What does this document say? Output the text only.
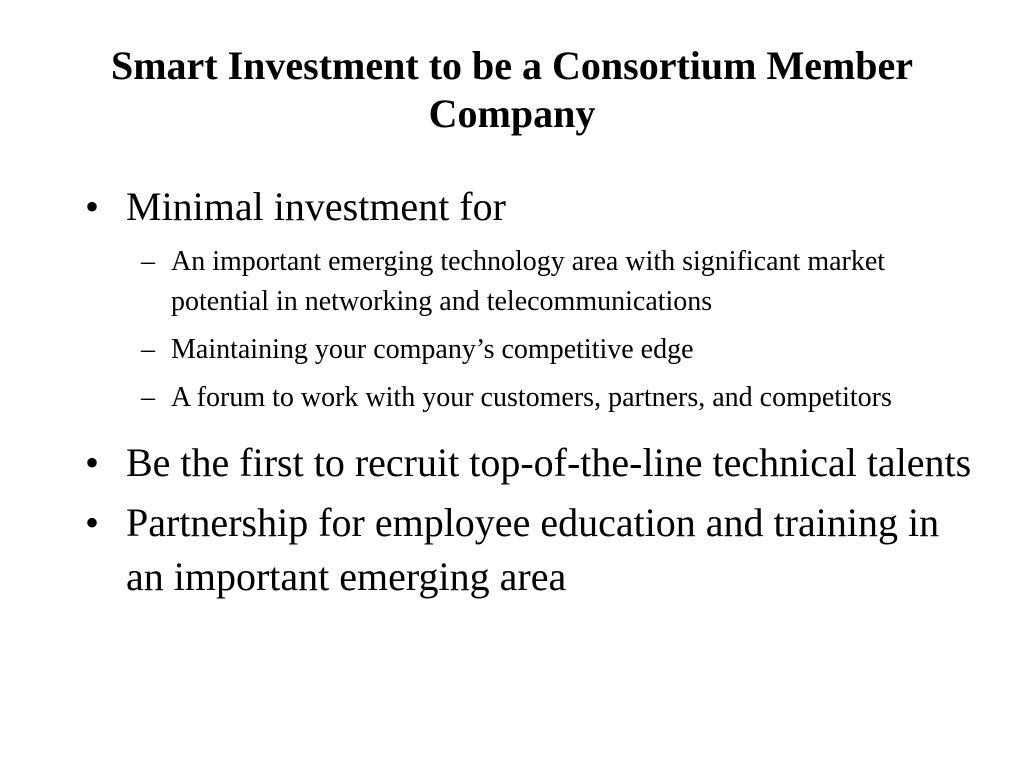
Smart Investment to be a Consortium Member Company
• Minimal investment for
– An important emerging technology area with significant market potential in networking and telecommunications
– Maintaining your company’s competitive edge
– A forum to work with your customers, partners, and competitors
• Be the first to recruit top-of-the-line technical talents
• Partnership for employee education and training in an important emerging area
